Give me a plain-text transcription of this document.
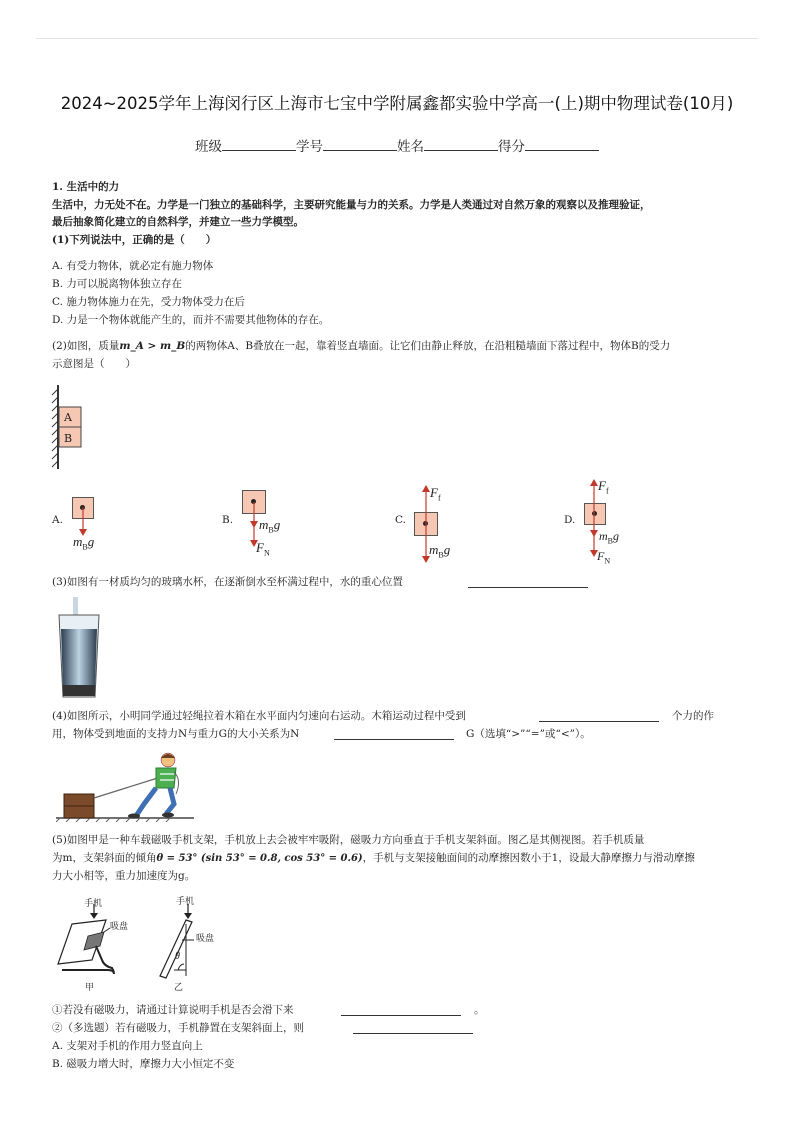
2024~2025学年上海闵行区上海市七宝中学附属鑫都实验中学高一(上)期中物理试卷(10月)
班级	学号	姓名	得分
1. 生活中的力
生活中，力无处不在。力学是一门独立的基础科学，主要研究能量与力的关系。力学是人类通过对自然万象的观察以及推理验证，
最后抽象简化建立的自然科学，并建立一些力学模型。
(1)下列说法中，正确的是（　　）
A. 有受力物体，就必定有施力物体
B. 力可以脱离物体独立存在
C. 施力物体施力在先，受力物体受力在后
D. 力是一个物体就能产生的，而并不需要其他物体的存在。
(2)如图，质量m_A > m_B的两物体A、B叠放在一起，靠着竖直墙面。让它们由静止释放，在沿粗糙墙面下落过程中，物体B的受力
示意图是（　　）
A
B
A.
$m_Bg$
B. $m_Bg$
$F_N$
C.
$F_f$
$m_Bg$
D.
$F_f$
$m_Bg$
$F_N$
(3)如图有一材质均匀的玻璃水杯，在逐渐倒水至杯满过程中，水的重心位置
(4)如图所示，小明同学通过轻绳拉着木箱在水平面内匀速向右运动。木箱运动过程中受到	个力的作
用，物体受到地面的支持力N与重力G的大小关系为N	G（选填“>”“=”或“<”）。
(5)如图甲是一种车载磁吸手机支架，手机放上去会被牢牢吸附，磁吸力方向垂直于手机支架斜面。图乙是其侧视图。若手机质量
为m，支架斜面的倾角θ = 53° (sin 53° = 0.8, cos 53° = 0.6)，手机与支架接触面间的动摩擦因数小于1，设最大静摩擦力与滑动摩擦
力大小相等，重力加速度为g。
手机
吸盘
甲
手机
吸盘
θ
乙
①若没有磁吸力，请通过计算说明手机是否会滑下来	。
②（多选题）若有磁吸力，手机静置在支架斜面上，则
A. 支架对手机的作用力竖直向上
B. 磁吸力增大时，摩擦力大小恒定不变
